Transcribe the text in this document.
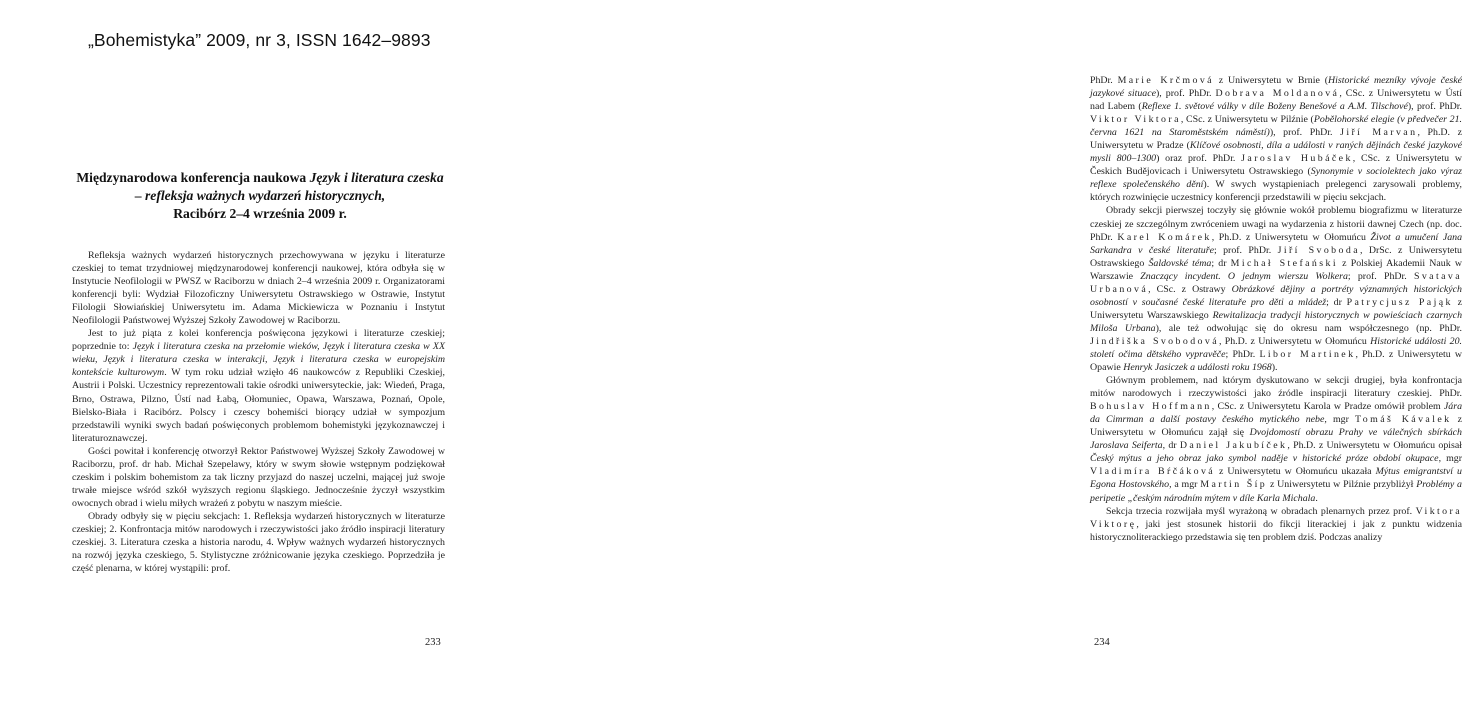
„Bohemistyka” 2009, nr 3, ISSN 1642–9893
Międzynarodowa konferencja naukowa Język i literatura czeska
– refleksja ważnych wydarzeń historycznych,
Racibórz 2–4 września 2009 r.

Refleksja ważnych wydarzeń historycznych przechowywana w języku i literaturze czeskiej to temat trzydniowej międzynarodowej konferencji naukowej, która odbyła się w Instytucie Neofilologii w PWSZ w Raciborzu w dniach 2–4 września 2009 r. Organizatorami konferencji byli: Wydział Filozoficzny Uniwersytetu Ostrawskiego w Ostrawie, Instytut Filologii Słowiańskiej Uniwersytetu im. Adama Mickiewicza w Poznaniu i Instytut Neofilologii Państwowej Wyższej Szkoły Zawodowej w Raciborzu.

Jest to już piąta z kolei konferencja poświęcona językowi i literaturze czeskiej; poprzednie to: Język i literatura czeska na przełomie wieków, Język i literatura czeska w XX wieku, Język i literatura czeska w interakcji, Język i literatura czeska w europejskim kontekście kulturowym. W tym roku udział wzięło 46 naukowców z Republiki Czeskiej, Austrii i Polski. Uczestnicy reprezentowali takie ośrodki uniwersyteckie, jak: Wiedeń, Praga, Brno, Ostrawa, Pilzno, Ústí nad Łabą, Ołomuniec, Opawa, Warszawa, Poznań, Opole, Bielsko-Biała i Racibórz. Polscy i czescy bohemiści biorący udział w sympozjum przedstawili wyniki swych badań poświęconych problemom bohemistyki językoznawczej i literaturoznawczej.

Gości powitał i konferencję otworzył Rektor Państwowej Wyższej Szkoły Zawodowej w Raciborzu, prof. dr hab. Michał Szepelawy, który w swym słowie wstępnym podziękował czeskim i polskim bohemistom za tak liczny przyjazd do naszej uczelni, mającej już swoje trwałe miejsce wśród szkół wyższych regionu śląskiego. Jednocześnie życzył wszystkim owocnych obrad i wielu miłych wrażeń z pobytu w naszym mieście.

Obrady odbyły się w pięciu sekcjach: 1. Refleksja wydarzeń historycznych w literaturze czeskiej; 2. Konfrontacja mitów narodowych i rzeczywistości jako źródło inspiracji literatury czeskiej. 3. Literatura czeska a historia narodu, 4. Wpływ ważnych wydarzeń historycznych na rozwój języka czeskiego, 5. Stylistyczne zróżnicowanie języka czeskiego. Poprzedziła je część plenarna, w której wystąpili: prof.

233

PhDr. Marie Krčmová z Uniwersytetu w Brnie (Historické mezníky vývoje české jazykové situace), prof. PhDr. Dobrava Moldanová, CSc. z Uniwersytetu w Ústí nad Labem (Reflexe 1. světové války v díle Boženy Benešové a A.M. Tilschové), prof. PhDr. Viktor Viktora, CSc. z Uniwersytetu w Pilźnie (Pobělohorské elegie (v předvečer 21. června 1621 na Staroměstském náměstí)), prof. PhDr. Jiří Marvan, Ph.D. z Uniwersytetu w Pradze (Klíčové osobnosti, díla a události v raných dějinách české jazykové mysli 800–1300) oraz prof. PhDr. Jaroslav Hubáček, CSc. z Uniwersytetu w Českich Budějovicach i Uniwersytetu Ostrawskiego (Synonymie v sociolektech jako výraz reflexe společenského dění). W swych wystąpieniach prelegenci zarysowali problemy, których rozwinięcie uczestnicy konferencji przedstawili w pięciu sekcjach.

Obrady sekcji pierwszej toczyły się głównie wokół problemu biografizmu w literaturze czeskiej ze szczególnym zwróceniem uwagi na wydarzenia z historii dawnej Czech (np. doc. PhDr. Karel Komárek, Ph.D. z Uniwersytetu w Ołomuńcu Život a umučení Jana Sarkandra v české literatuře; prof. PhDr. Jiří Svoboda, DrSc. z Uniwersytetu Ostrawskiego Šaldovské téma; dr Michał Stefański z Polskiej Akademii Nauk w Warszawie Znaczący incydent. O jednym wierszu Wolkera; prof. PhDr. Svatava Urbanová, CSc. z Ostrawy Obrázkové dějiny a portréty významných historických osobností v současné české literatuře pro děti a mládež; dr Patrycjusz Pająk z Uniwersytetu Warszawskiego Rewitalizacja tradycji historycznych w powieściach czarnych Miloša Urbana), ale też odwołując się do okresu nam współczesnego (np. PhDr. Jindřiška Svobodová, Ph.D. z Uniwersytetu w Ołomuńcu Historické události 20. století očima dětského vypravěče; PhDr. Libor Martinek, Ph.D. z Uniwersytetu w Opawie Henryk Jasiczek a události roku 1968).

Głównym problemem, nad którym dyskutowano w sekcji drugiej, była konfrontacja mitów narodowych i rzeczywistości jako źródle inspiracji literatury czeskiej. PhDr. Bohuslav Hoffmann, CSc. z Uniwersytetu Karola w Pradze omówił problem Jára da Cimrman a další postavy českého mytického nebe, mgr Tomáš Kávalek z Uniwersytetu w Ołomuńcu zajął się Dvojdomostí obrazu Prahy ve válečných sbírkách Jaroslava Seiferta, dr Daniel Jakubíček, Ph.D. z Uniwersytetu w Ołomuńcu opisał Český mýtus a jeho obraz jako symbol naděje v historické próze období okupace, mgr Vladimíra Bŕčáková z Uniwersytetu w Ołomuńcu ukazała Mýtus emigrantství u Egona Hostovského, a mgr Martin Šíp z Uniwersytetu w Pilźnie przybliżył Problémy a peripetie „českým národním mýtem v díle Karla Michala.

Sekcja trzecia rozwijała myśl wyrażoną w obradach plenarnych przez prof. Viktora Viktorę, jaki jest stosunek historii do fikcji literackiej i jak z punktu widzenia historycznoliterackiego przedstawia się ten problem dziś. Podczas analizy

234
